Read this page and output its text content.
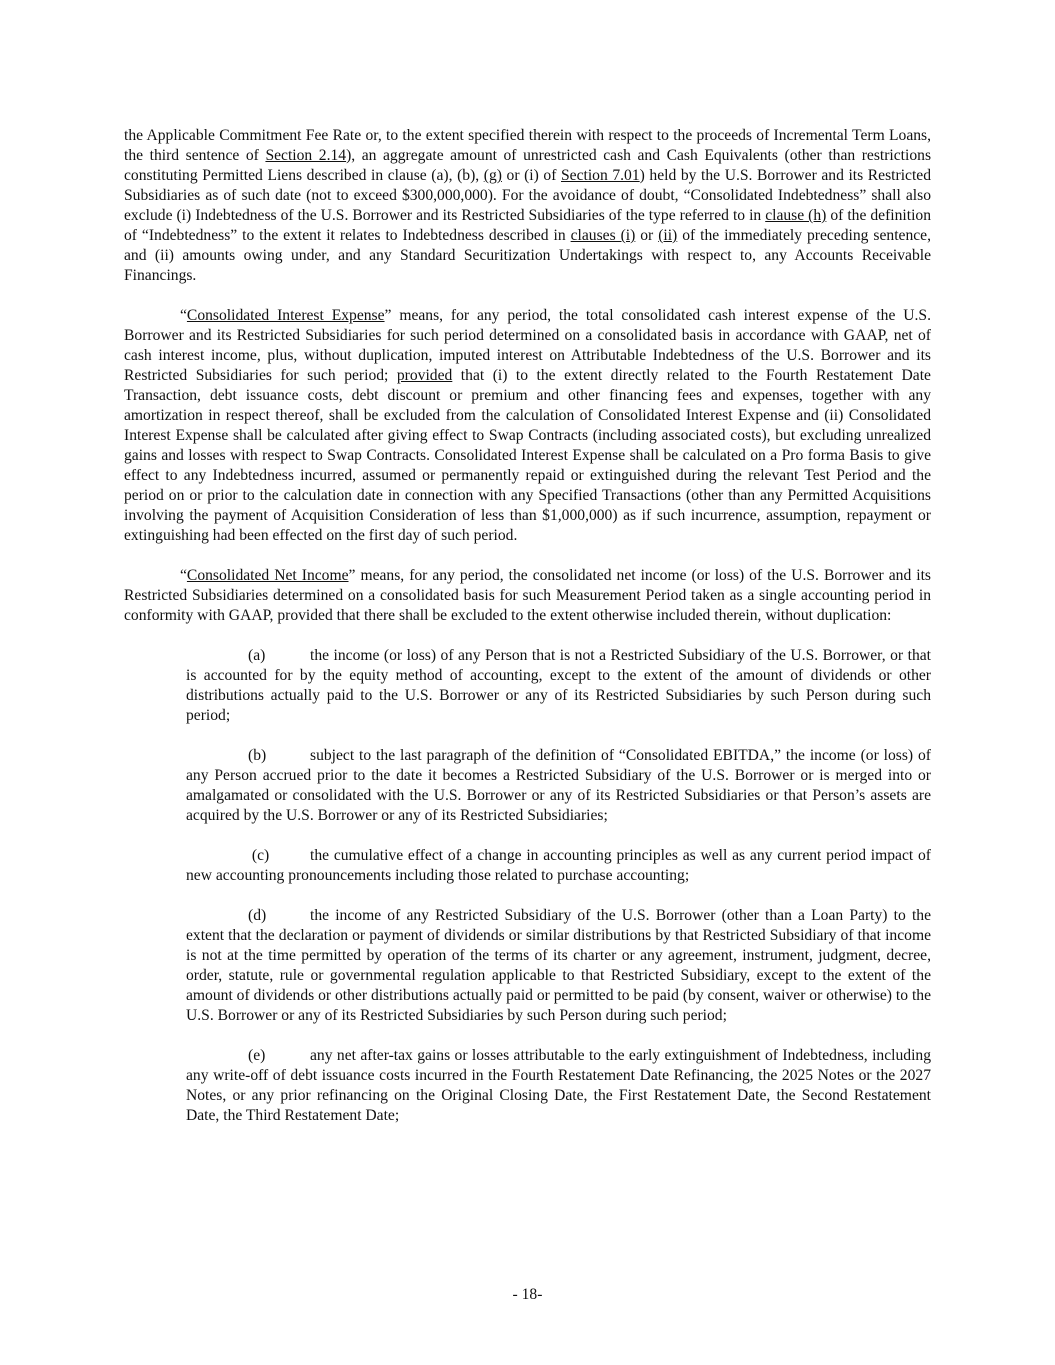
the Applicable Commitment Fee Rate or, to the extent specified therein with respect to the proceeds of Incremental Term Loans, the third sentence of Section 2.14), an aggregate amount of unrestricted cash and Cash Equivalents (other than restrictions constituting Permitted Liens described in clause (a), (b), (g) or (i) of Section 7.01) held by the U.S. Borrower and its Restricted Subsidiaries as of such date (not to exceed $300,000,000). For the avoidance of doubt, “Consolidated Indebtedness” shall also exclude (i) Indebtedness of the U.S. Borrower and its Restricted Subsidiaries of the type referred to in clause (h) of the definition of “Indebtedness” to the extent it relates to Indebtedness described in clauses (i) or (ii) of the immediately preceding sentence, and (ii) amounts owing under, and any Standard Securitization Undertakings with respect to, any Accounts Receivable Financings.

“Consolidated Interest Expense” means, for any period, the total consolidated cash interest expense of the U.S. Borrower and its Restricted Subsidiaries for such period determined on a consolidated basis in accordance with GAAP, net of cash interest income, plus, without duplication, imputed interest on Attributable Indebtedness of the U.S. Borrower and its Restricted Subsidiaries for such period; provided that (i) to the extent directly related to the Fourth Restatement Date Transaction, debt issuance costs, debt discount or premium and other financing fees and expenses, together with any amortization in respect thereof, shall be excluded from the calculation of Consolidated Interest Expense and (ii) Consolidated Interest Expense shall be calculated after giving effect to Swap Contracts (including associated costs), but excluding unrealized gains and losses with respect to Swap Contracts. Consolidated Interest Expense shall be calculated on a Pro forma Basis to give effect to any Indebtedness incurred, assumed or permanently repaid or extinguished during the relevant Test Period and the period on or prior to the calculation date in connection with any Specified Transactions (other than any Permitted Acquisitions involving the payment of Acquisition Consideration of less than $1,000,000) as if such incurrence, assumption, repayment or extinguishing had been effected on the first day of such period.

“Consolidated Net Income” means, for any period, the consolidated net income (or loss) of the U.S. Borrower and its Restricted Subsidiaries determined on a consolidated basis for such Measurement Period taken as a single accounting period in conformity with GAAP, provided that there shall be excluded to the extent otherwise included therein, without duplication:

(a)	the income (or loss) of any Person that is not a Restricted Subsidiary of the U.S. Borrower, or that is accounted for by the equity method of accounting, except to the extent of the amount of dividends or other distributions actually paid to the U.S. Borrower or any of its Restricted Subsidiaries by such Person during such period;

(b)	subject to the last paragraph of the definition of “Consolidated EBITDA,” the income (or loss) of any Person accrued prior to the date it becomes a Restricted Subsidiary of the U.S. Borrower or is merged into or amalgamated or consolidated with the U.S. Borrower or any of its Restricted Subsidiaries or that Person’s assets are acquired by the U.S. Borrower or any of its Restricted Subsidiaries;

(c)	the cumulative effect of a change in accounting principles as well as any current period impact of new accounting pronouncements including those related to purchase accounting;

(d)	the income of any Restricted Subsidiary of the U.S. Borrower (other than a Loan Party) to the extent that the declaration or payment of dividends or similar distributions by that Restricted Subsidiary of that income is not at the time permitted by operation of the terms of its charter or any agreement, instrument, judgment, decree, order, statute, rule or governmental regulation applicable to that Restricted Subsidiary, except to the extent of the amount of dividends or other distributions actually paid or permitted to be paid (by consent, waiver or otherwise) to the U.S. Borrower or any of its Restricted Subsidiaries by such Person during such period;

(e)	any net after-tax gains or losses attributable to the early extinguishment of Indebtedness, including any write-off of debt issuance costs incurred in the Fourth Restatement Date Refinancing, the 2025 Notes or the 2027 Notes, or any prior refinancing on the Original Closing Date, the First Restatement Date, the Second Restatement Date, the Third Restatement Date;

- 18-
